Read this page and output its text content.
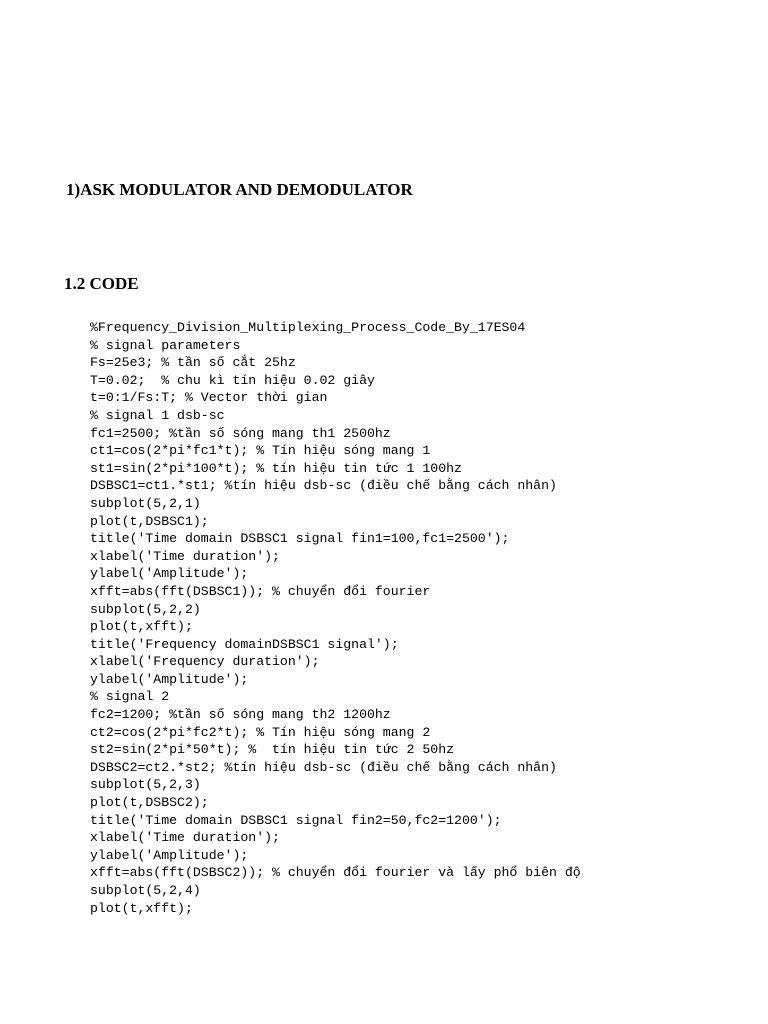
1)ASK MODULATOR AND DEMODULATOR
1.2 CODE
%Frequency_Division_Multiplexing_Process_Code_By_17ES04
% signal parameters
Fs=25e3; % tần số cắt 25hz
T=0.02;  % chu kì tín hiệu 0.02 giây
t=0:1/Fs:T; % Vector thời gian
% signal 1 dsb-sc
fc1=2500; %tần số sóng mang th1 2500hz
ct1=cos(2*pi*fc1*t); % Tín hiệu sóng mang 1
st1=sin(2*pi*100*t); % tín hiệu tin tức 1 100hz
DSBSC1=ct1.*st1; %tín hiệu dsb-sc (điều chế bằng cách nhân)
subplot(5,2,1)
plot(t,DSBSC1);
title('Time domain DSBSC1 signal fin1=100,fc1=2500');
xlabel('Time duration');
ylabel('Amplitude');
xfft=abs(fft(DSBSC1)); % chuyển đổi fourier
subplot(5,2,2)
plot(t,xfft);
title('Frequency domainDSBSC1 signal');
xlabel('Frequency duration');
ylabel('Amplitude');
% signal 2
fc2=1200; %tần số sóng mang th2 1200hz
ct2=cos(2*pi*fc2*t); % Tín hiệu sóng mang 2
st2=sin(2*pi*50*t); %  tín hiệu tin tức 2 50hz
DSBSC2=ct2.*st2; %tín hiệu dsb-sc (điều chế bằng cách nhân)
subplot(5,2,3)
plot(t,DSBSC2);
title('Time domain DSBSC1 signal fin2=50,fc2=1200');
xlabel('Time duration');
ylabel('Amplitude');
xfft=abs(fft(DSBSC2)); % chuyển đổi fourier và lấy phổ biên độ
subplot(5,2,4)
plot(t,xfft);
